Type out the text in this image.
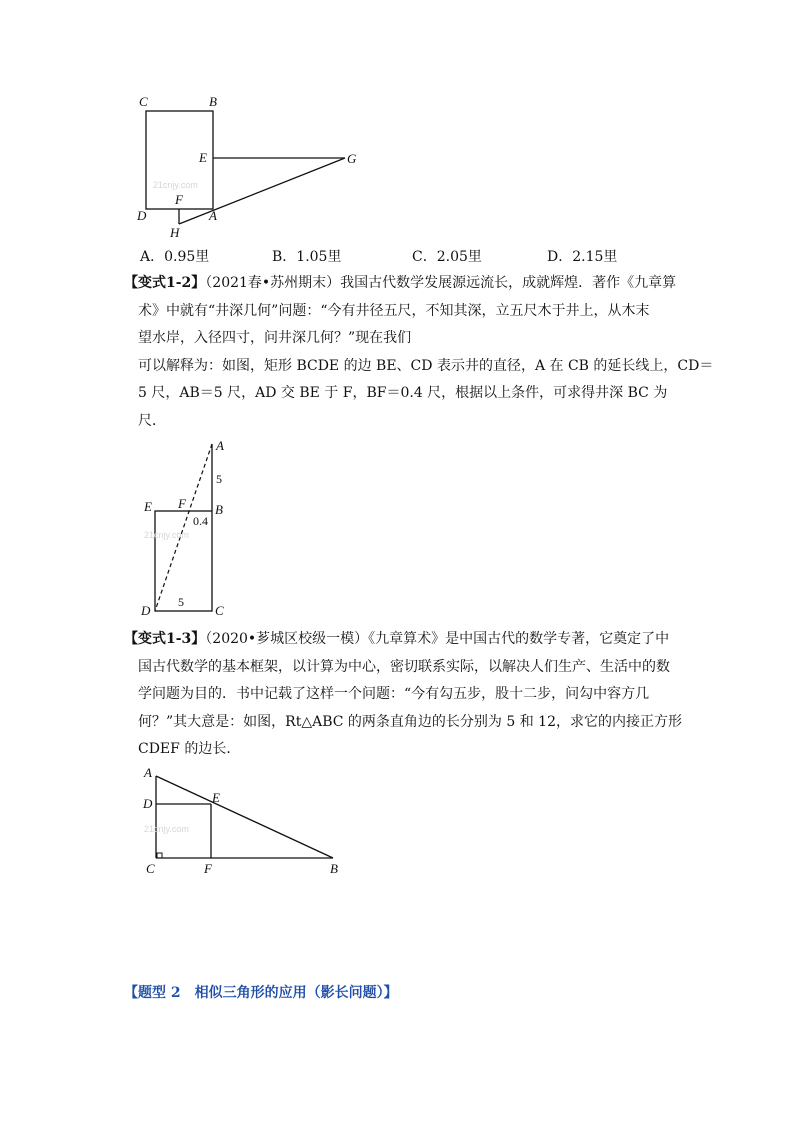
21cnjy.com
C	B
E	G
D
F
A
H
A．0.95里	B．1.05里	C．2.05里	D．2.15里
【变式1-2】（2021春•苏州期末）我国古代数学发展源远流长，成就辉煌．著作《九章算
术》中就有“井深几何”问题：“今有井径五尺，不知其深，立五尺木于井上，从木末
望水岸，入径四寸，问井深几何？”现在我们
可以解释为：如图，矩形 BCDE 的边 BE、CD 表示井的直径，A 在 CB 的延长线上，CD＝
5 尺，AB＝5 尺，AD 交 BE 于 F，BF＝0.4 尺，根据以上条件，可求得井深 BC 为
尺．
21cnjy.com
A
5
E F B
0.4
D
5
C
【变式1-3】（2020•芗城区校级一模）《九章算术》是中国古代的数学专著，它奠定了中
国古代数学的基本框架，以计算为中心，密切联系实际，以解决人们生产、生活中的数
学问题为目的．书中记载了这样一个问题：“今有勾五步，股十二步，问勾中容方几
何？”其大意是：如图，Rt△ABC 的两条直角边的长分别为 5 和 12，求它的内接正方形
CDEF 的边长．
21cnjy.com
A
D	E
C	F	B
【题型 2　相似三角形的应用（影长问题）】
